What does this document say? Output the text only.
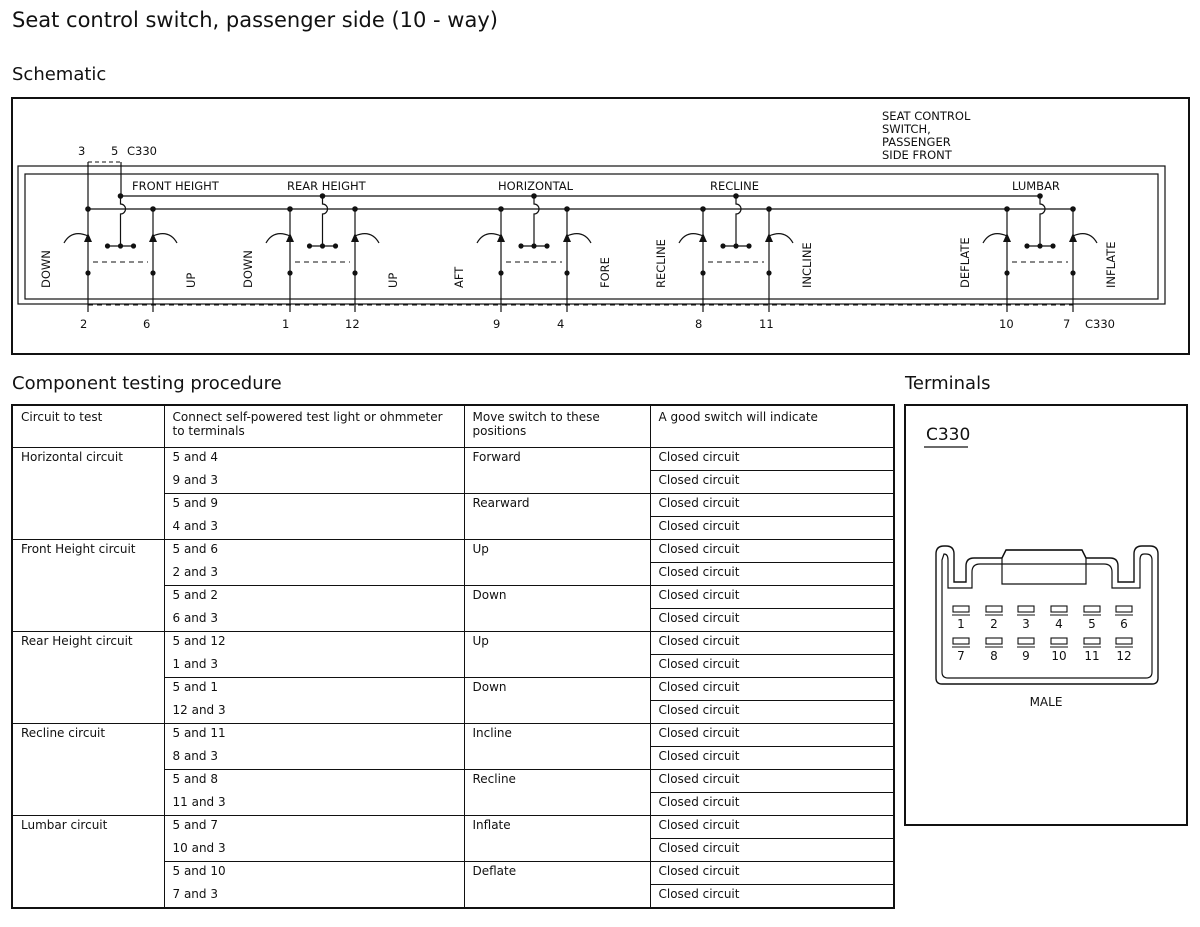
Seat control switch, passenger side (10 - way)
Schematic
Component testing procedure	Terminals
SEAT CONTROL SWITCH, PASSENGER SIDE FRONT
3 5 C330
FRONT HEIGHT
DOWN	UP
2	6
REAR HEIGHT
DOWN	UP
1	12
HORIZONTAL
AFT	FORE
9	4
RECLINE
RECLINE	INCLINE
8	11
LUMBAR
DEFLATE	INFLATE
10	7 C330
Circuit to test	Connect self-powered test light or ohmmeter to terminals	Move switch to these positions	A good switch will indicate
Horizontal circuit	5 and 4	Forward	Closed circuit
	9 and 3		Closed circuit
	5 and 9	Rearward	Closed circuit
	4 and 3		Closed circuit
Front Height circuit	5 and 6	Up	Closed circuit
	2 and 3		Closed circuit
	5 and 2	Down	Closed circuit
	6 and 3		Closed circuit
Rear Height circuit	5 and 12	Up	Closed circuit
	1 and 3		Closed circuit
	5 and 1	Down	Closed circuit
	12 and 3		Closed circuit
Recline circuit	5 and 11	Incline	Closed circuit
	8 and 3		Closed circuit
	5 and 8	Recline	Closed circuit
	11 and 3		Closed circuit
Lumbar circuit	5 and 7	Inflate	Closed circuit
	10 and 3		Closed circuit
	5 and 10	Deflate	Closed circuit
	7 and 3		Closed circuit
C330
1 2 3 4 5 6
7 8 9 10 11 12
MALE
